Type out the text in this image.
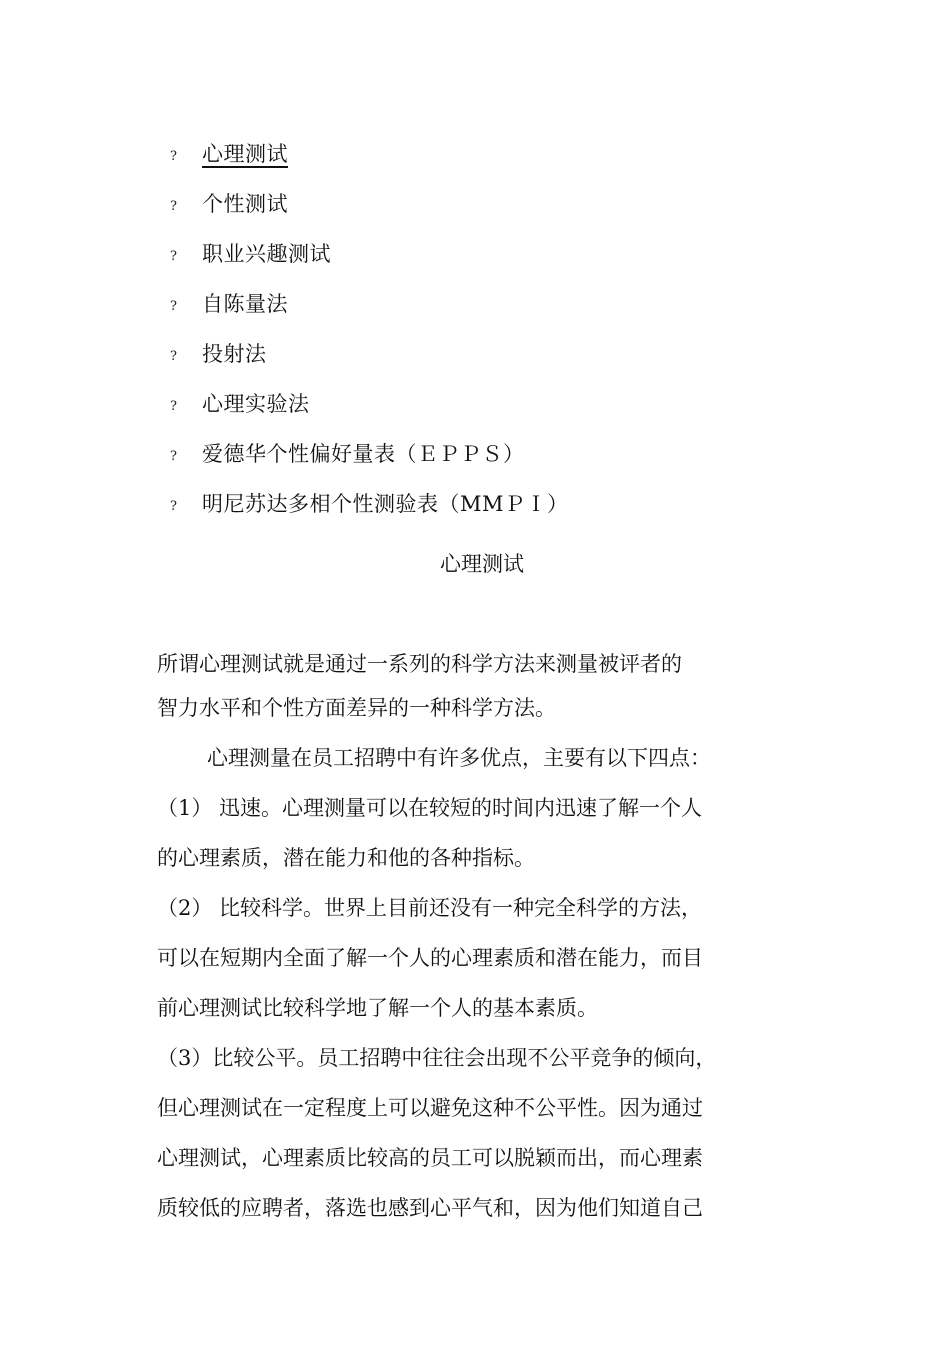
?	心理测试
?	个性测试
?	职业兴趣测试
?	自陈量法
?	投射法
?	心理实验法
?	爱德华个性偏好量表（ＥＰＰＳ）
?	明尼苏达多相个性测验表（MMＰＩ）
心理测试
所谓心理测试就是通过一系列的科学方法来测量被评者的
智力水平和个性方面差异的一种科学方法。
心理测量在员工招聘中有许多优点，主要有以下四点：
（1） 迅速。心理测量可以在较短的时间内迅速了解一个人
的心理素质，潜在能力和他的各种指标。
（2） 比较科学。世界上目前还没有一种完全科学的方法，
可以在短期内全面了解一个人的心理素质和潜在能力，而目
前心理测试比较科学地了解一个人的基本素质。
（3）比较公平。员工招聘中往往会出现不公平竞争的倾向，
但心理测试在一定程度上可以避免这种不公平性。因为通过
心理测试，心理素质比较高的员工可以脱颖而出，而心理素
质较低的应聘者，落选也感到心平气和，因为他们知道自己
